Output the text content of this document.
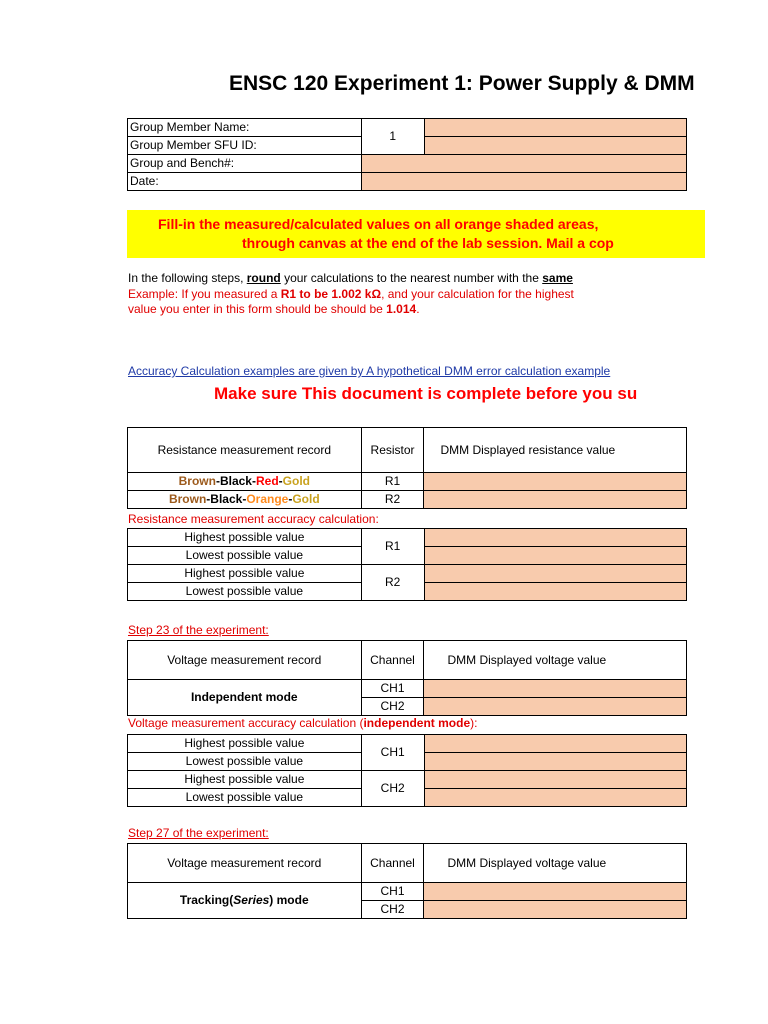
ENSC 120 Experiment 1: Power Supply & DMM
Group Member Name:	1	
Group Member SFU ID:		
Group and Bench#:		
Date:		
In the following steps, round your calculations to the nearest number with the same
Example: If you measured a R1 to be 1.002 kΩ, and your calculation for the highest
value you enter in this form should be should be 1.014.
Accuracy Calculation examples are given by A hypothetical DMM error calculation example
Make sure This document is complete before you su
Resistance measurement record	Resistor	DMM Displayed resistance value
Brown-Black-Red-Gold	R1	
Brown-Black-Orange-Gold	R2	
Resistance measurement accuracy calculation:
Highest possible value	R1	
Lowest possible value		
Highest possible value	R2	
Lowest possible value		
Step 23 of the experiment:
Voltage measurement record	Channel	DMM Displayed voltage value
Independent mode	CH1	
	CH2	
Voltage measurement accuracy calculation (independent mode):
Highest possible value	CH1	
Lowest possible value		
Highest possible value	CH2	
Lowest possible value		
Step 27 of the experiment:
Voltage measurement record	Channel	DMM Displayed voltage value
Tracking(Series) mode	CH1	
	CH2	
Fill-in the measured/calculated values on all orange shaded areas,
through canvas at the end of the lab session. Mail a cop
